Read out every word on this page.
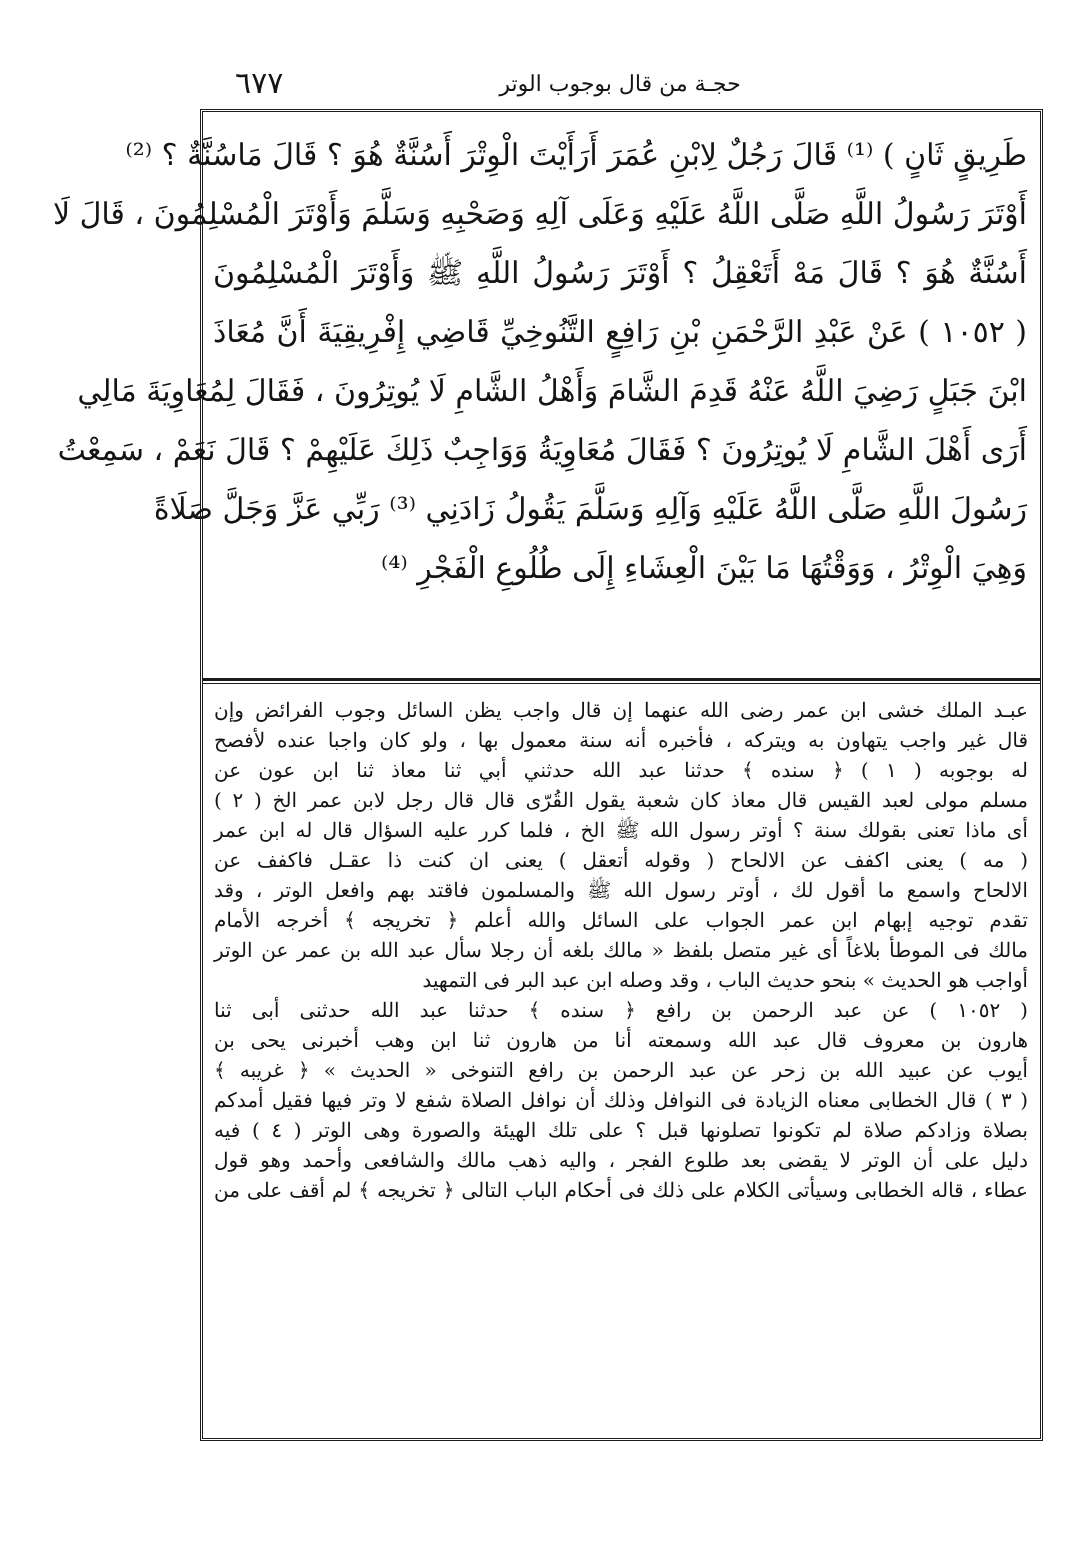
٦٧٧	حجـة من قال بوجوب الوتر

طَرِيقٍ ثَانٍ ) ⁽¹⁾ قَالَ رَجُلٌ لِابْنِ عُمَرَ أَرَأَيْتَ الْوِتْرَ أَسُنَّةٌ هُوَ ؟ قَالَ مَاسُنَّةٌ ؟ ⁽²⁾

أَوْتَرَ رَسُولُ اللَّهِ صَلَّى اللَّهُ عَلَيْهِ وَعَلَى آلِهِ وَصَحْبِهِ وَسَلَّمَ وَأَوْتَرَ الْمُسْلِمُونَ ، قَالَ لَا

أَسُنَّةٌ هُوَ ؟ قَالَ مَهْ أَتَعْقِلُ ؟ أَوْتَرَ رَسُولُ اللَّهِ ﷺ وَأَوْتَرَ الْمُسْلِمُونَ

( ١٠٥٢ ) عَنْ عَبْدِ الرَّحْمَنِ بْنِ رَافِعٍ التَّنُوخِيِّ قَاضِي إِفْرِيقِيَةَ أَنَّ مُعَاذَ

ابْنَ جَبَلٍ رَضِيَ اللَّهُ عَنْهُ قَدِمَ الشَّامَ وَأَهْلُ الشَّامِ لَا يُوتِرُونَ ، فَقَالَ لِمُعَاوِيَةَ مَالِي

أَرَى أَهْلَ الشَّامِ لَا يُوتِرُونَ ؟ فَقَالَ مُعَاوِيَةُ وَوَاجِبٌ ذَلِكَ عَلَيْهِمْ ؟ قَالَ نَعَمْ ، سَمِعْتُ

رَسُولَ اللَّهِ صَلَّى اللَّهُ عَلَيْهِ وَآلِهِ وَسَلَّمَ يَقُولُ زَادَنِي ⁽³⁾ رَبِّي عَزَّ وَجَلَّ صَلَاةً

وَهِيَ الْوِتْرُ ، وَوَقْتُهَا مَا بَيْنَ الْعِشَاءِ إِلَى طُلُوعِ الْفَجْرِ ⁽⁴⁾

عبـد الملك خشى ابن عمر رضى الله عنهما إن قال واجب يظن السائل وجوب الفرائض وإن

قال غير واجب يتهاون به ويتركه ، فأخبره أنه سنة معمول بها ، ولو كان واجبا عنده لأفصح

له بوجوبه ( ١ ) ﴿ سنده ﴾ حدثنا عبد الله حدثني أبي ثنا معاذ ثنا ابن عون عن

مسلم مولى لعبد القيس قال معاذ كان شعبة يقول القُرّى قال قال رجل لابن عمر الخ ( ٢ )

أى ماذا تعنى بقولك سنة ؟ أوتر رسول الله ﷺ الخ ، فلما كرر عليه السؤال قال له ابن عمر

( مه ) يعنى اكفف عن الالحاح ( وقوله أتعقل ) يعنى ان كنت ذا عقـل فاكفف عن

الالحاح واسمع ما أقول لك ، أوتر رسول الله ﷺ والمسلمون فاقتد بهم وافعل الوتر ، وقد

تقدم توجيه إبهام ابن عمر الجواب على السائل والله أعلم ﴿ تخريجه ﴾ أخرجه الأمام

مالك فى الموطأ بلاغاً أى غير متصل بلفظ « مالك بلغه أن رجلا سأل عبد الله بن عمر عن الوتر

أواجب هو الحديث » بنحو حديث الباب ، وقد وصله ابن عبد البر فى التمهيد

( ١٠٥٢ ) عن عبد الرحمن بن رافع ﴿ سنده ﴾ حدثنا عبد الله حدثنى أبى ثنا

هارون بن معروف قال عبد الله وسمعته أنا من هارون ثنا ابن وهب أخبرنى يحى بن

أيوب عن عبيد الله بن زحر عن عبد الرحمن بن رافع التنوخى « الحديث » ﴿ غريبه ﴾

( ٣ ) قال الخطابى معناه الزيادة فى النوافل وذلك أن نوافل الصلاة شفع لا وتر فيها فقيل أمدكم

بصلاة وزادكم صلاة لم تكونوا تصلونها قبل ؟ على تلك الهيئة والصورة وهى الوتر ( ٤ ) فيه

دليل على أن الوتر لا يقضى بعد طلوع الفجر ، واليه ذهب مالك والشافعى وأحمد وهو قول

عطاء ، قاله الخطابى وسيأتى الكلام على ذلك فى أحكام الباب التالى ﴿ تخريجه ﴾ لم أقف على من
